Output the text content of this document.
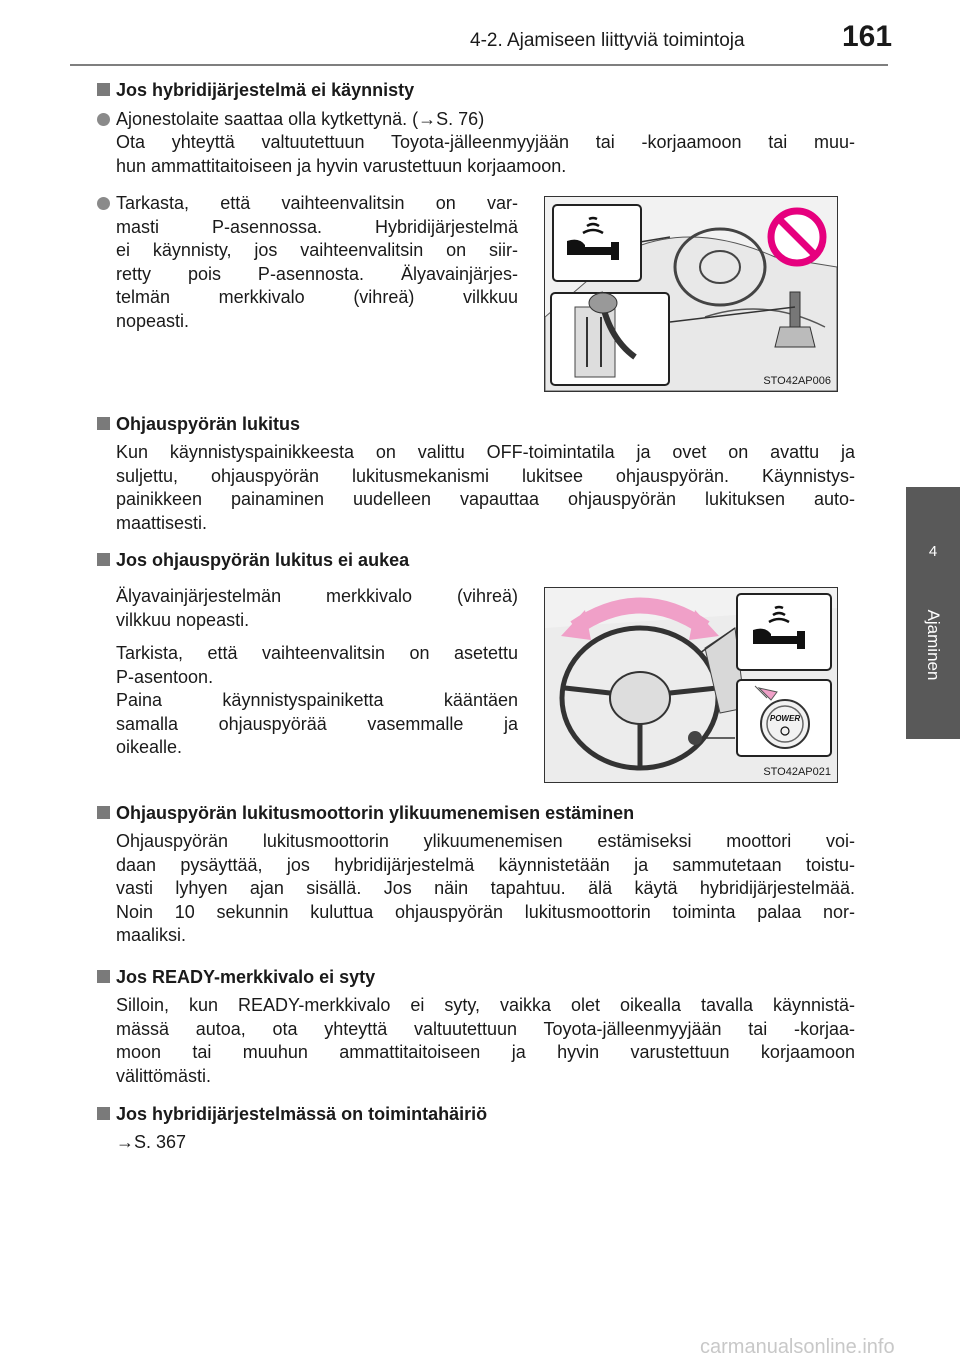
4-2. Ajamiseen liittyviä toimintoja	161
4
Ajaminen
Jos hybridijärjestelmä ei käynnisty
Ajonestolaite saattaa olla kytkettynä. (→S. 76)
Ota yhteyttä valtuutettuun Toyota-jälleenmyyjään tai -korjaamoon tai muu-
hun ammattitaitoiseen ja hyvin varustettuun korjaamoon.
Tarkasta, että vaihteenvalitsin on var-
masti P-asennossa. Hybridijärjestelmä
ei käynnisty, jos vaihteenvalitsin on siir-
retty pois P-asennosta. Älyavainjärjes-
telmän merkkivalo (vihreä) vilkkuu
nopeasti.
STO42AP006
Ohjauspyörän lukitus
Kun käynnistyspainikkeesta on valittu OFF-toimintatila ja ovet on avattu ja
suljettu, ohjauspyörän lukitusmekanismi lukitsee ohjauspyörän. Käynnistys-
painikkeen painaminen uudelleen vapauttaa ohjauspyörän lukituksen auto-
maattisesti.
Jos ohjauspyörän lukitus ei aukea
Älyavainjärjestelmän merkkivalo (vihreä)
vilkkuu nopeasti.
Tarkista, että vaihteenvalitsin on asetettu
P-asentoon.
Paina käynnistyspainiketta kääntäen
samalla ohjauspyörää vasemmalle ja
oikealle.
POWER
STO42AP021
Ohjauspyörän lukitusmoottorin ylikuumenemisen estäminen
Ohjauspyörän lukitusmoottorin ylikuumenemisen estämiseksi moottori voi-
daan pysäyttää, jos hybridijärjestelmä käynnistetään ja sammutetaan toistu-
vasti lyhyen ajan sisällä. Jos näin tapahtuu. älä käytä hybridijärjestelmää.
Noin 10 sekunnin kuluttua ohjauspyörän lukitusmoottorin toiminta palaa nor-
maaliksi.
Jos READY-merkkivalo ei syty
Silloin, kun READY-merkkivalo ei syty, vaikka olet oikealla tavalla käynnistä-
mässä autoa, ota yhteyttä valtuutettuun Toyota-jälleenmyyjään tai -korjaa-
moon tai muuhun ammattitaitoiseen ja hyvin varustettuun korjaamoon
välittömästi.
Jos hybridijärjestelmässä on toimintahäiriö
→S. 367
carmanualsonline.info
